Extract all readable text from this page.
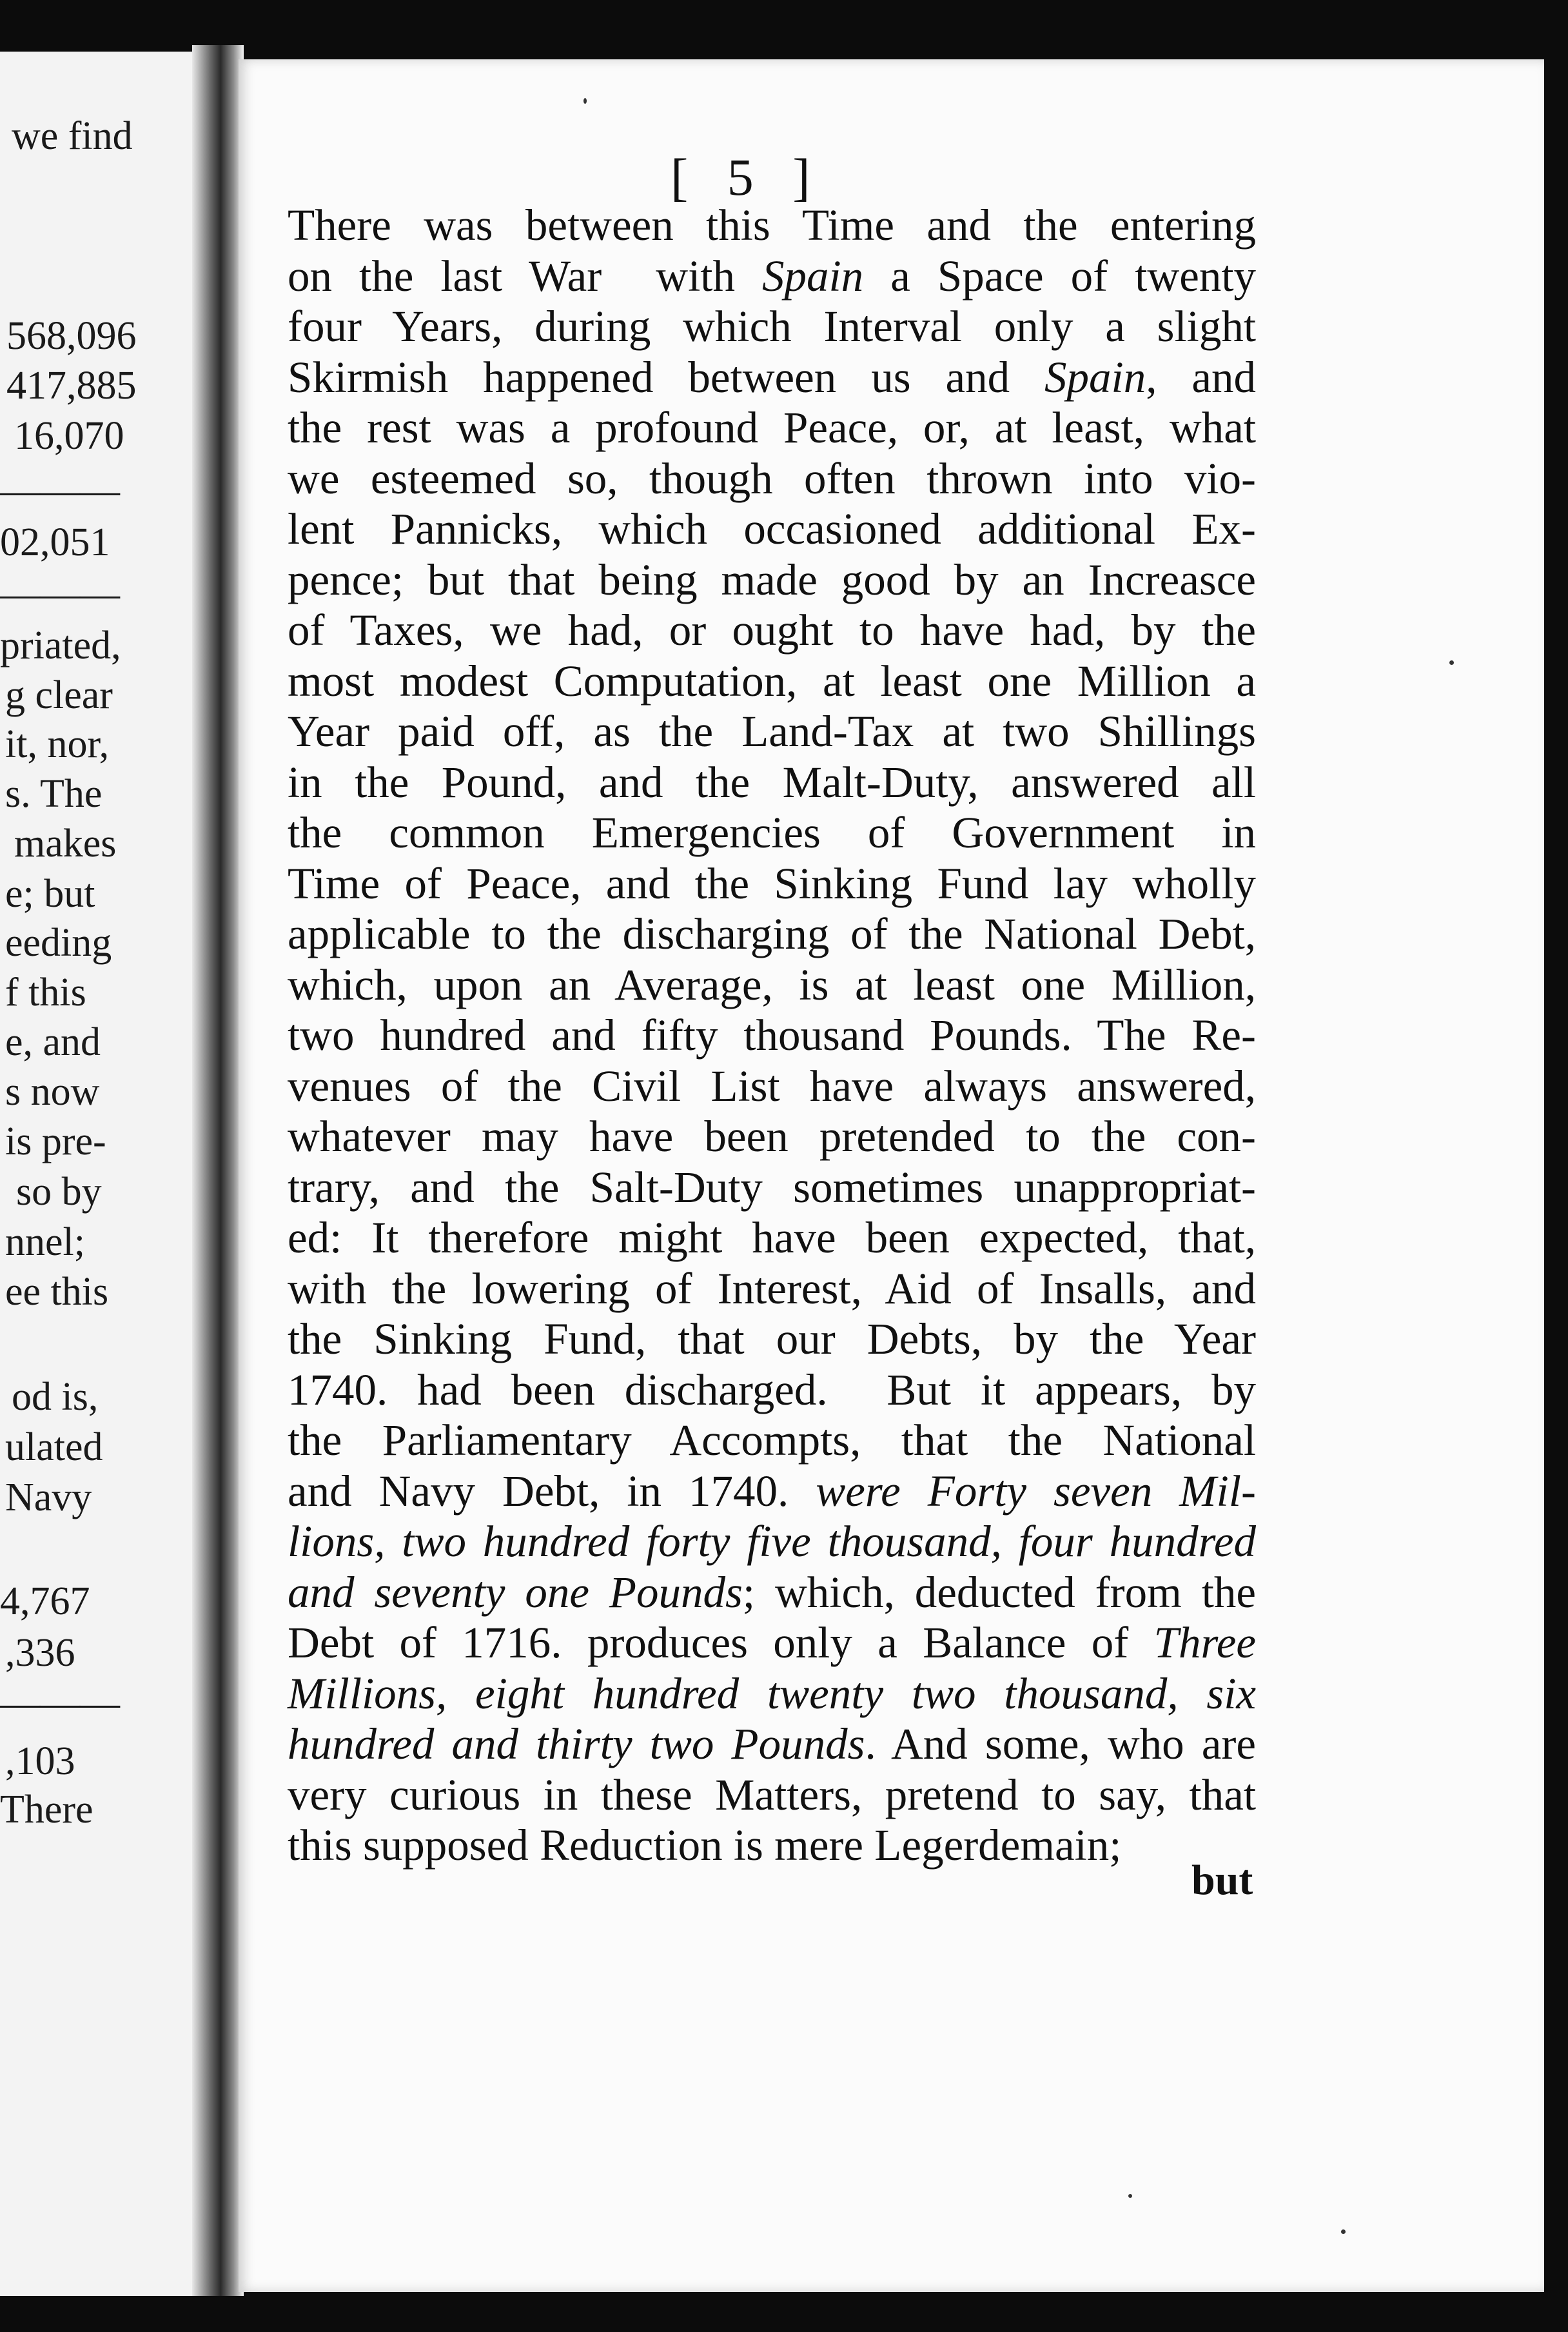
we find
568,096
417,885
16,070
———
02,051
———
priated,
g clear
it, nor,
s. The
makes
e; but
eeding
f this
e, and
s now
is pre-
so by
nnel;
ee this
od is,
ulated
Navy
4,767
,336
———
,103
There
[ 5 ]
There was between this Time and the entering
on the last War  with Spain a Space of twenty
four Years, during which Interval only a slight
Skirmish happened between us and Spain , and
the rest was a profound Peace, or, at least, what
we esteemed so, though often thrown into vio-
lent Pannicks, which occasioned additional Ex-
pence; but that being made good by an Increasce
of Taxes, we had, or ought to have had, by the
most modest Computation, at least one Million a
Year paid off, as the Land-Tax at two Shillings
in the Pound, and the Malt-Duty, answered all
the common Emergencies of Government in
Time of Peace, and the Sinking Fund lay wholly
applicable to the discharging of the National Debt,
which, upon an Average, is at least one Million,
two hundred and fifty thousand Pounds. The Re-
venues of the Civil List have always answered,
whatever may have been pretended to the con-
trary, and the Salt-Duty sometimes unappropriat-
ed: It therefore might have been expected, that,
with the lowering of Interest, Aid of Insalls, and
the Sinking Fund, that our Debts, by the Year
1740. had been discharged.  But it appears, by
the Parliamentary Accompts, that the National
and Navy Debt, in 1740. were Forty seven Mil-
lions, two hundred forty five thousand, four hundred
and seventy one Pounds ; which, deducted from the
Debt of 1716. produces only a Balance of Three
Millions, eight hundred twenty two thousand, six
hundred and thirty two Pounds . And some, who are
very curious in these Matters, pretend to say, that
this supposed Reduction is mere Legerdemain;
but
